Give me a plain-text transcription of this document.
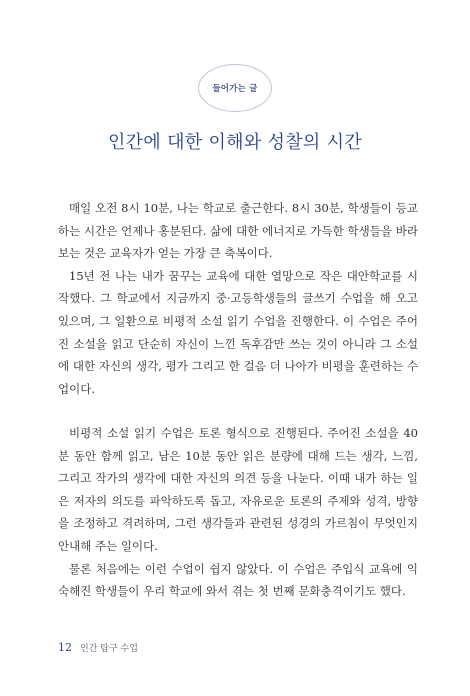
들어가는 글
인간에 대한 이해와 성찰의 시간

매일 오전 8시 10분, 나는 학교로 출근한다. 8시 30분, 학생들이 등교하는 시간은 언제나 홍분된다. 삶에 대한 에너지로 가득한 학생들을 바라보는 것은 교육자가 얻는 가장 큰 축복이다.

15년 전 나는 내가 꿈꾸는 교육에 대한 열망으로 작은 대안학교를 시작했다. 그 학교에서 지금까지 중·고등학생들의 글쓰기 수업을 해 오고 있으며, 그 일환으로 비평적 소설 읽기 수업을 진행한다. 이 수업은 주어진 소설을 읽고 단순히 자신이 느낀 독후감만 쓰는 것이 아니라 그 소설에 대한 자신의 생각, 평가 그리고 한 걸음 더 나아가 비평을 훈련하는 수업이다.

비평적 소설 읽기 수업은 토론 형식으로 진행된다. 주어진 소설을 40분 동안 함께 읽고, 남은 10분 동안 읽은 분량에 대해 드는 생각, 느낌, 그리고 작가의 생각에 대한 자신의 의견 등을 나눈다. 이때 내가 하는 일은 저자의 의도를 파악하도록 돕고, 자유로운 토론의 주제와 성격, 방향을 조정하고 격려하며, 그런 생각들과 관련된 성경의 가르침이 무엇인지 안내해 주는 일이다.

물론 처음에는 이런 수업이 쉽지 않았다. 이 수업은 주입식 교육에 익숙해진 학생들이 우리 학교에 와서 겪는 첫 번째 문화충격이기도 했다.

12 인간 탐구 수업
